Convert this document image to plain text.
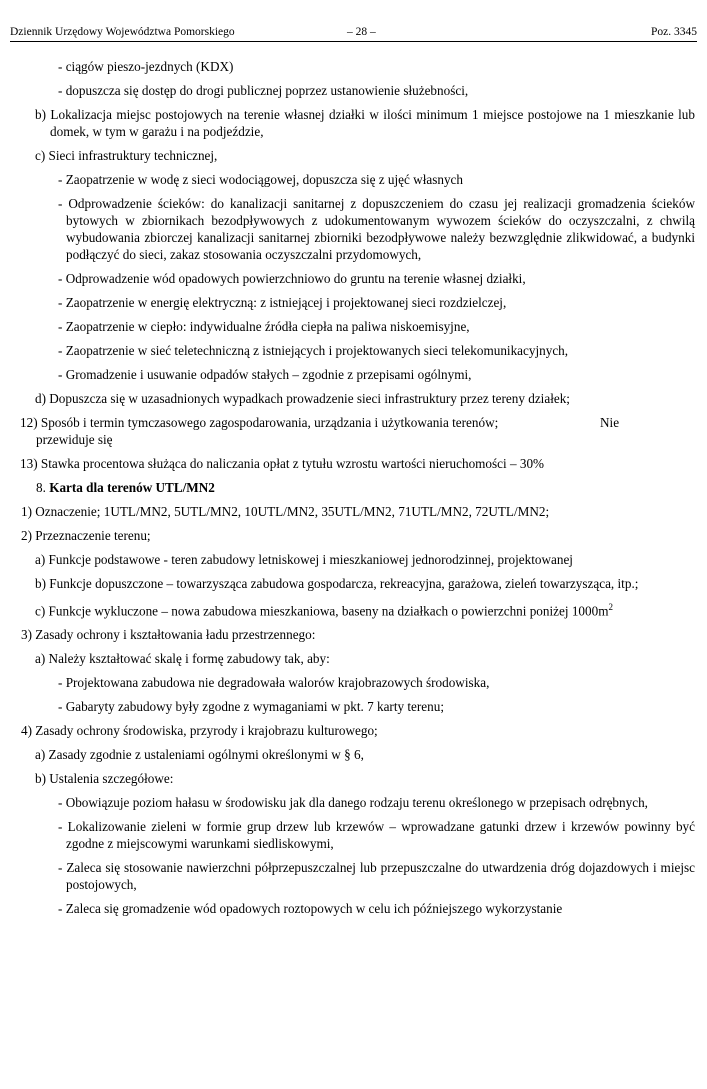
Dziennik Urzędowy Województwa Pomorskiego	– 28 –	Poz. 3345

- ciągów pieszo-jezdnych (KDX)

- dopuszcza się dostęp do drogi publicznej poprzez ustanowienie służebności,

b) Lokalizacja miejsc postojowych na terenie własnej działki w ilości minimum 1 miejsce postojowe na 1 mieszkanie lub domek, w tym w garażu i na podjeździe,

c) Sieci infrastruktury technicznej,

- Zaopatrzenie w wodę z sieci wodociągowej, dopuszcza się z ujęć własnych

- Odprowadzenie ścieków: do kanalizacji sanitarnej z dopuszczeniem do czasu jej realizacji gromadzenia ścieków bytowych w zbiornikach bezodpływowych z udokumentowanym wywozem ścieków do oczyszczalni, z chwilą wybudowania zbiorczej kanalizacji sanitarnej zbiorniki bezodpływowe należy bezwzględnie zlikwidować, a budynki podłączyć do sieci, zakaz stosowania oczyszczalni przydomowych,

- Odprowadzenie wód opadowych powierzchniowo do gruntu na terenie własnej działki,

- Zaopatrzenie w energię elektryczną: z istniejącej i projektowanej sieci rozdzielczej,

- Zaopatrzenie w ciepło: indywidualne źródła ciepła na paliwa niskoemisyjne,

- Zaopatrzenie w sieć teletechniczną z istniejących i projektowanych sieci telekomunikacyjnych,

- Gromadzenie i usuwanie odpadów stałych – zgodnie z przepisami ogólnymi,

d) Dopuszcza się w uzasadnionych wypadkach prowadzenie sieci infrastruktury przez tereny działek;

12) Sposób i termin tymczasowego zagospodarowania, urządzania i użytkowania terenów;	Nie

przewiduje się

13) Stawka procentowa służąca do naliczania opłat z tytułu wzrostu wartości nieruchomości – 30%

8. Karta dla terenów UTL/MN2

1) Oznaczenie; 1UTL/MN2, 5UTL/MN2, 10UTL/MN2, 35UTL/MN2, 71UTL/MN2, 72UTL/MN2;

2) Przeznaczenie terenu;

a) Funkcje podstawowe - teren zabudowy letniskowej i mieszkaniowej jednorodzinnej, projektowanej

b) Funkcje dopuszczone – towarzysząca zabudowa gospodarcza, rekreacyjna, garażowa, zieleń towarzysząca, itp.;

c) Funkcje wykluczone – nowa zabudowa mieszkaniowa, baseny na działkach o powierzchni poniżej $1000m^2$

3) Zasady ochrony i kształtowania ładu przestrzennego:

a) Należy kształtować skalę i formę zabudowy tak, aby:

- Projektowana zabudowa nie degradowała walorów krajobrazowych środowiska,

- Gabaryty zabudowy były zgodne z wymaganiami w pkt. 7 karty terenu;

4) Zasady ochrony środowiska, przyrody i krajobrazu kulturowego;

a) Zasady zgodnie z ustaleniami ogólnymi określonymi w § 6,

b) Ustalenia szczegółowe:

- Obowiązuje poziom hałasu w środowisku jak dla danego rodzaju terenu określonego w przepisach odrębnych,

- Lokalizowanie zieleni w formie grup drzew lub krzewów – wprowadzane gatunki drzew i krzewów powinny być zgodne z miejscowymi warunkami siedliskowymi,

- Zaleca się stosowanie nawierzchni półprzepuszczalnej lub przepuszczalne do utwardzenia dróg dojazdowych i miejsc postojowych,

- Zaleca się gromadzenie wód opadowych roztopowych w celu ich późniejszego wykorzystanie
